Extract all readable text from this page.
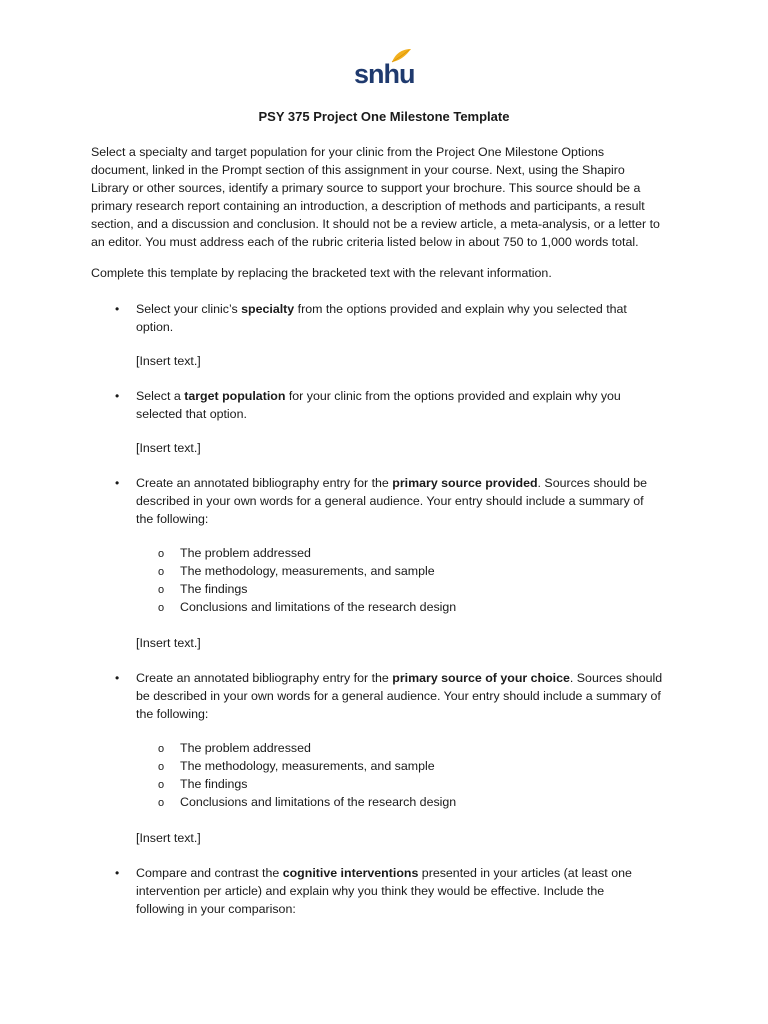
snhu
PSY 375 Project One Milestone Template
Select a specialty and target population for your clinic from the Project One Milestone Options
document, linked in the Prompt section of this assignment in your course. Next, using the Shapiro
Library or other sources, identify a primary source to support your brochure. This source should be a
primary research report containing an introduction, a description of methods and participants, a result
section, and a discussion and conclusion. It should not be a review article, a meta-analysis, or a letter to
an editor. You must address each of the rubric criteria listed below in about 750 to 1,000 words total.
Complete this template by replacing the bracketed text with the relevant information.
• Select your clinic’s specialty from the options provided and explain why you selected that
option.
[Insert text.]
• Select a target population for your clinic from the options provided and explain why you
selected that option.
[Insert text.]
• Create an annotated bibliography entry for the primary source provided. Sources should be
described in your own words for a general audience. Your entry should include a summary of
the following:
o The problem addressed
o The methodology, measurements, and sample
o The findings
o Conclusions and limitations of the research design
[Insert text.]
• Create an annotated bibliography entry for the primary source of your choice. Sources should
be described in your own words for a general audience. Your entry should include a summary of
the following:
o The problem addressed
o The methodology, measurements, and sample
o The findings
o Conclusions and limitations of the research design
[Insert text.]
• Compare and contrast the cognitive interventions presented in your articles (at least one
intervention per article) and explain why you think they would be effective. Include the
following in your comparison:
